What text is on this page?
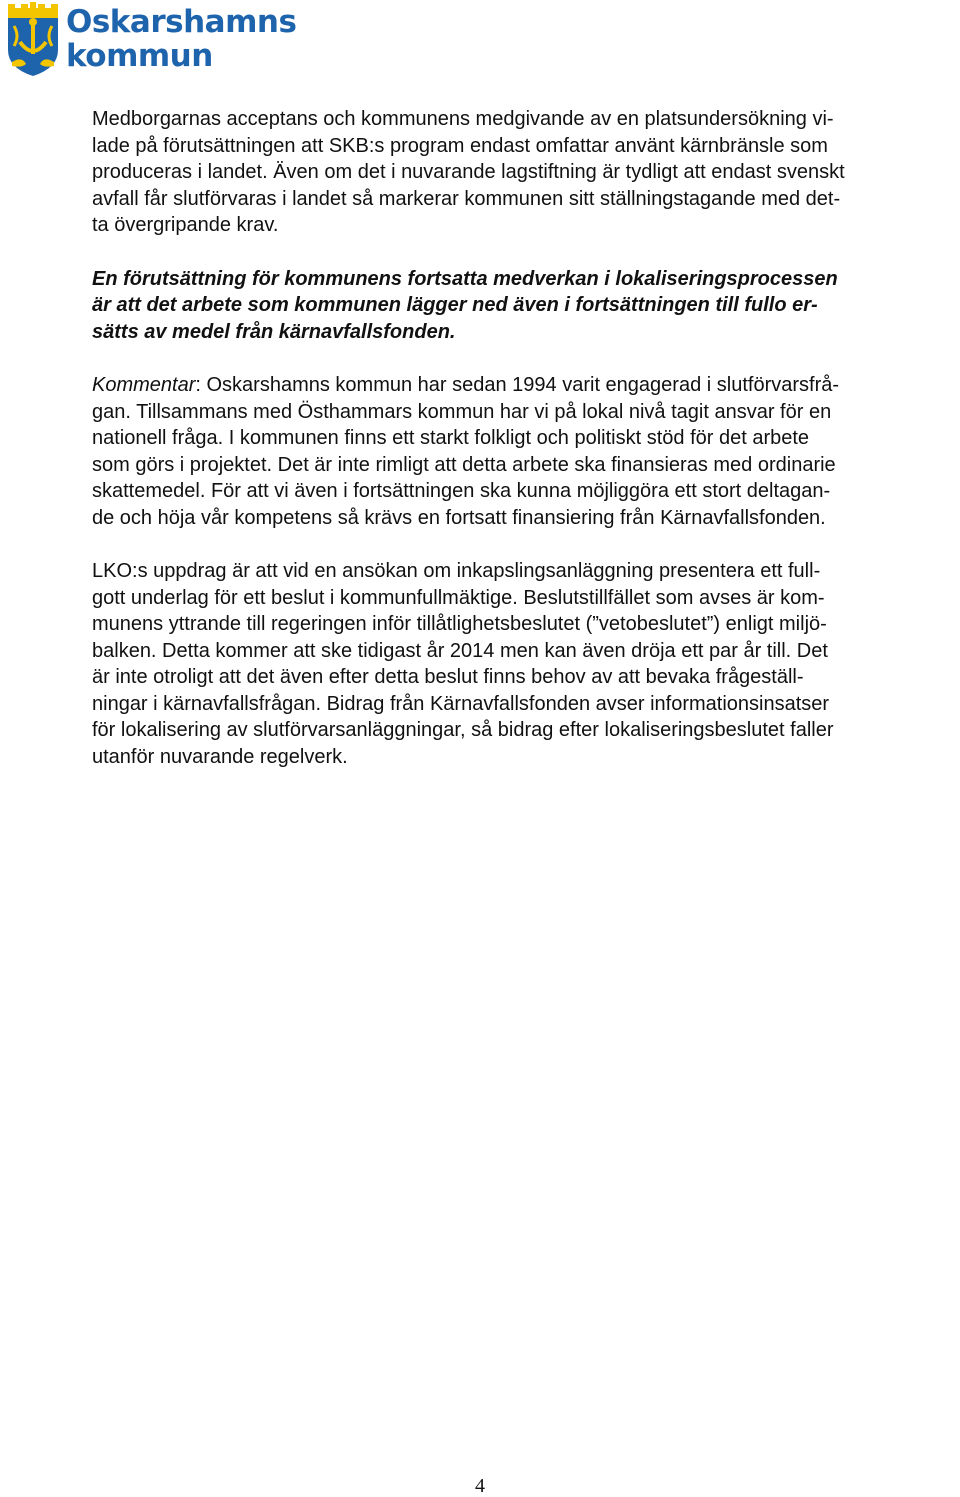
Oskarshamns
kommun

Medborgarnas acceptans och kommunens medgivande av en platsundersökning vi-
lade på förutsättningen att SKB:s program endast omfattar använt kärnbränsle som
produceras i landet. Även om det i nuvarande lagstiftning är tydligt att endast svenskt
avfall får slutförvaras i landet så markerar kommunen sitt ställningstagande med det-
ta övergripande krav.

En förutsättning för kommunens fortsatta medverkan i lokaliseringsprocessen
är att det arbete som kommunen lägger ned även i fortsättningen till fullo er-
sätts av medel från kärnavfallsfonden.

Kommentar: Oskarshamns kommun har sedan 1994 varit engagerad i slutförvarsfrå-
gan. Tillsammans med Östhammars kommun har vi på lokal nivå tagit ansvar för en
nationell fråga. I kommunen finns ett starkt folkligt och politiskt stöd för det arbete
som görs i projektet. Det är inte rimligt att detta arbete ska finansieras med ordinarie
skattemedel. För att vi även i fortsättningen ska kunna möjliggöra ett stort deltagan-
de och höja vår kompetens så krävs en fortsatt finansiering från Kärnavfallsfonden.

LKO:s uppdrag är att vid en ansökan om inkapslingsanläggning presentera ett full-
gott underlag för ett beslut i kommunfullmäktige. Beslutstillfället som avses är kom-
munens yttrande till regeringen inför tillåtlighetsbeslutet (”vetobeslutet”) enligt miljö-
balken. Detta kommer att ske tidigast år 2014 men kan även dröja ett par år till. Det
är inte otroligt att det även efter detta beslut finns behov av att bevaka frågeställ-
ningar i kärnavfallsfrågan. Bidrag från Kärnavfallsfonden avser informationsinsatser
för lokalisering av slutförvarsanläggningar, så bidrag efter lokaliseringsbeslutet faller
utanför nuvarande regelverk.

4
